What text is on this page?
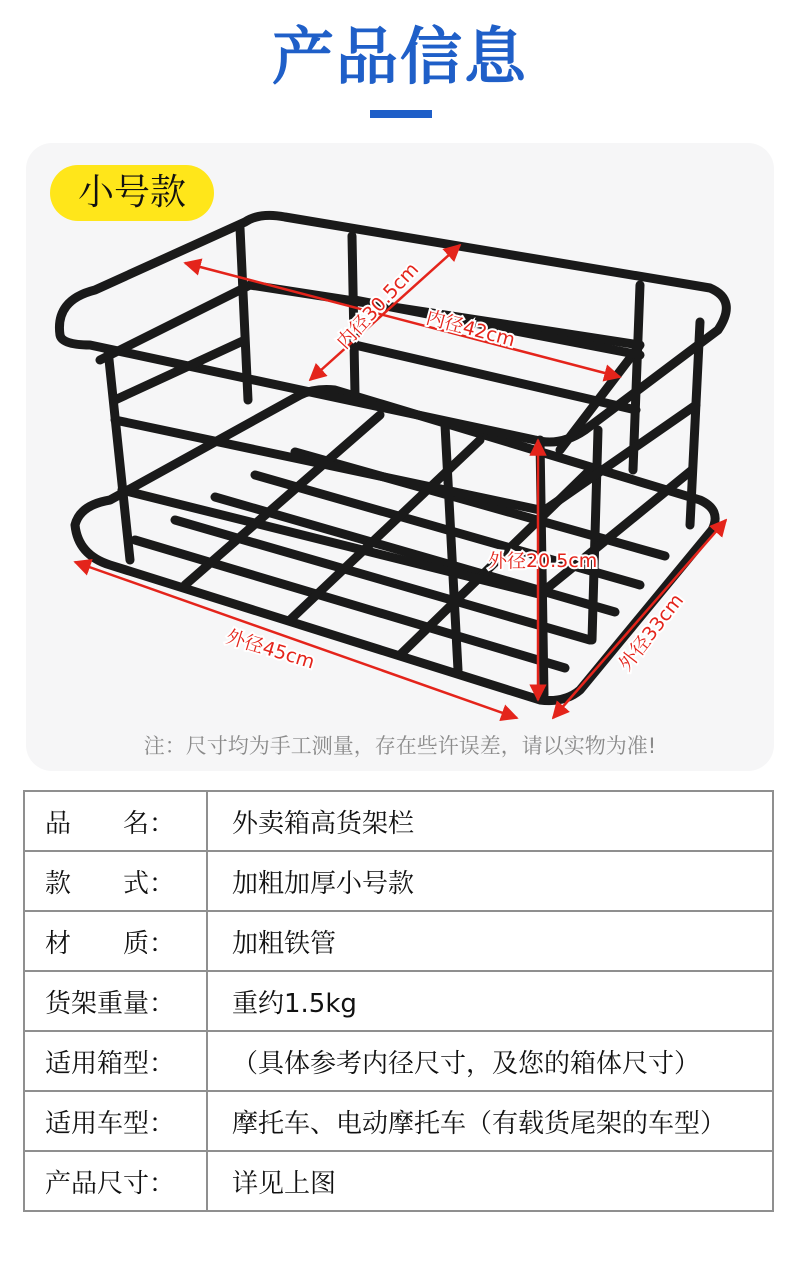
产品信息
内径30.5cm 内径42cm
外径20.5cm
外径45cm	外径33cm
小号款
注：尺寸均为手工测量，存在些许误差，请以实物为准!
品　　名：	外卖箱高货架栏
款　　式：	加粗加厚小号款
材　　质：	加粗铁管
货架重量：	重约1.5kg
适用箱型：	（具体参考内径尺寸，及您的箱体尺寸）
适用车型：	摩托车、电动摩托车（有载货尾架的车型）
产品尺寸：	详见上图
